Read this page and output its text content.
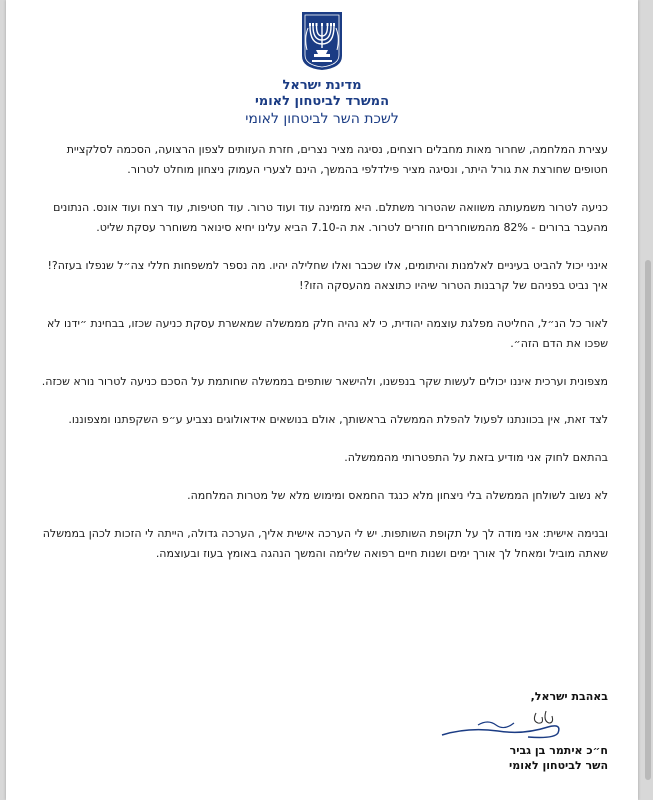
מדינת ישראל
המשרד לביטחון לאומי
לשכת השר לביטחון לאומי

עצירת המלחמה, שחרור מאות מחבלים רוצחים, נסיגה מציר נצרים, חזרת העזותים לצפון הרצועה, הסכמה לסלקציית חטופים שחורצת את גורל היתר, ונסיגה מציר פילדלפי בהמשך, הינם לצערי העמוק ניצחון מוחלט לטרור.

כניעה לטרור משמעותה משוואה שהטרור משתלם. היא מזמינה עוד ועוד טרור. עוד חטיפות, עוד רצח ועוד אונס. הנתונים מהעבר ברורים - 82% מהמשוחררים חוזרים לטרור. את ה-7.10 הביא עלינו יחיא סינואר משוחרר עסקת שליט.

אינני יכול להביט בעיניים לאלמנות והיתומים, אלו שכבר ואלו שחלילה יהיו. מה נספר למשפחות חללי צה״ל שנפלו בעזה?! איך נביט בפניהם של קרבנות הטרור שיהיו כתוצאה מהעסקה הזו?!

לאור כל הנ״ל, החליטה מפלגת עוצמה יהודית, כי לא נהיה חלק מממשלה שמאשרת עסקת כניעה שכזו, בבחינת ״ידנו לא שפכו את הדם הזה״.

מצפונית וערכית איננו יכולים לעשות שקר בנפשנו, ולהישאר שותפים בממשלה שחותמת על הסכם כניעה לטרור נורא שכזה.

לצד זאת, אין בכוונתנו לפעול להפלת הממשלה בראשותך, אולם בנושאים אידאולוגים נצביע ע״פ השקפתנו ומצפוננו.

בהתאם לחוק אני מודיע בזאת על התפטרותי מהממשלה.

לא נשוב לשולחן הממשלה בלי ניצחון מלא כנגד החמאס ומימוש מלא של מטרות המלחמה.

ובנימה אישית: אני מודה לך על תקופת השותפות. יש לי הערכה אישית אליך, הערכה גדולה, הייתה לי הזכות לכהן בממשלה שאתה מוביל ומאחל לך אורך ימים ושנות חיים רפואה שלימה והמשך הנהגה באומץ בעוז ובעוצמה.

באהבת ישראל,
ח״כ איתמר בן גביר
השר לביטחון לאומי
